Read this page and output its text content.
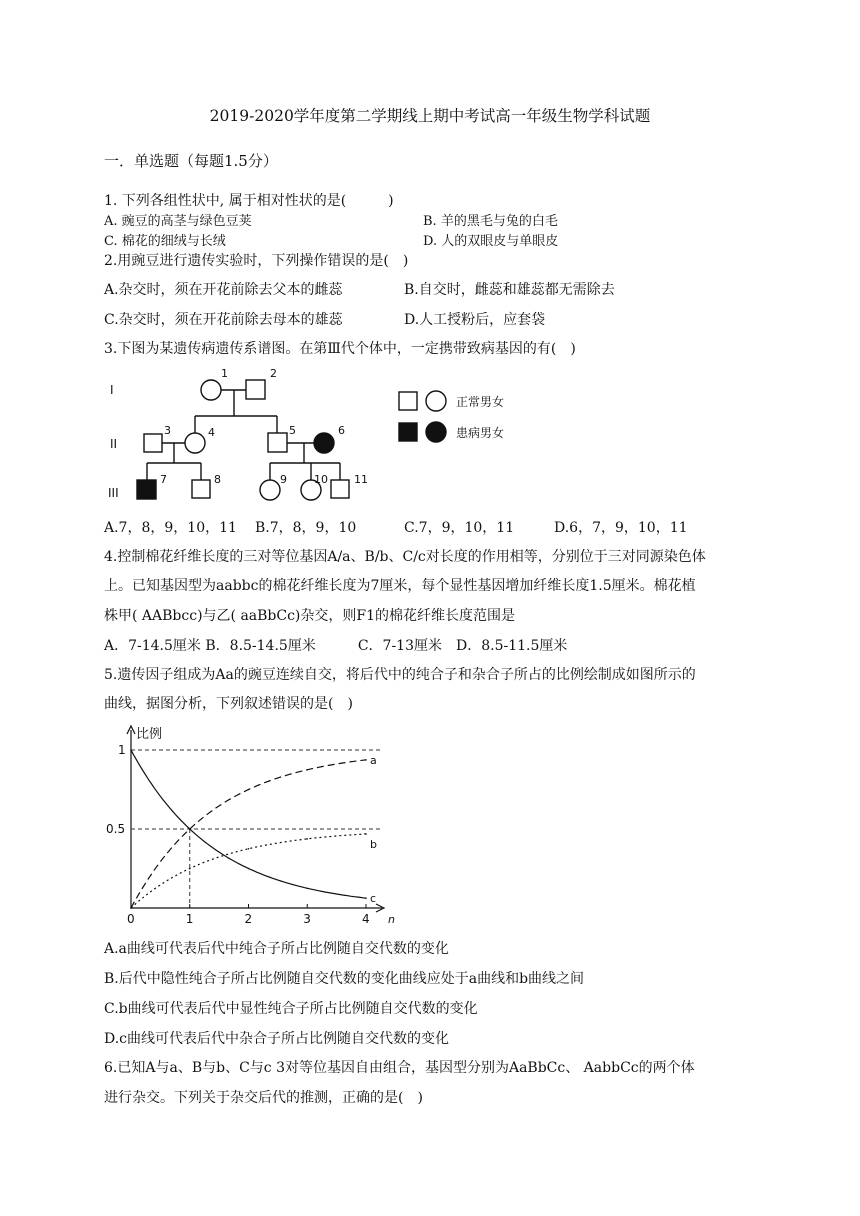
2019-2020学年度第二学期线上期中考试高一年级生物学科试题
一．单选题（每题1.5分）
1. 下列各组性状中, 属于相对性状的是(　　　)
A. 豌豆的高茎与绿色豆荚	B. 羊的黑毛与兔的白毛
C. 棉花的细绒与长绒	D. 人的双眼皮与单眼皮
2.用豌豆进行遗传实验时，下列操作错误的是(　)
A.杂交时，须在开花前除去父本的雌蕊	B.自交时，雌蕊和雄蕊都无需除去
C.杂交时，须在开花前除去母本的雄蕊	D.人工授粉后，应套袋
3.下图为某遗传病遗传系谱图。在第Ⅲ代个体中，一定携带致病基因的有(　)
I
II
III
1	2
3	4	5	6
7	8	9 10 11
正常男女
患病男女
A.7，8，9，10，11 B.7，8，9，10	C.7，9，10，11	D.6，7，9，10，11
4.控制棉花纤维长度的三对等位基因A/a、B/b、C/c对长度的作用相等，分别位于三对同源染色体
上。已知基因型为aabbc的棉花纤维长度为7厘米，每个显性基因增加纤维长度1.5厘米。棉花植
株甲( AABbcc)与乙( aaBbCc)杂交，则F1的棉花纤维长度范围是
A．7-14.5厘米 B．8.5-14.5厘米　　　C．7-13厘米　D．8.5-11.5厘米
5.遗传因子组成为Aa的豌豆连续自交，将后代中的纯合子和杂合子所占的比例绘制成如图所示的
曲线，据图分析，下列叙述错误的是(　)
比例
n
1
0.5
0	1	2	3	4
a
b
c
A.a曲线可代表后代中纯合子所占比例随自交代数的变化
B.后代中隐性纯合子所占比例随自交代数的变化曲线应处于a曲线和b曲线之间
C.b曲线可代表后代中显性纯合子所占比例随自交代数的变化
D.c曲线可代表后代中杂合子所占比例随自交代数的变化
6.已知A与a、B与b、C与c 3对等位基因自由组合，基因型分别为AaBbCc、 AabbCc的两个体
进行杂交。下列关于杂交后代的推测，正确的是(　)
